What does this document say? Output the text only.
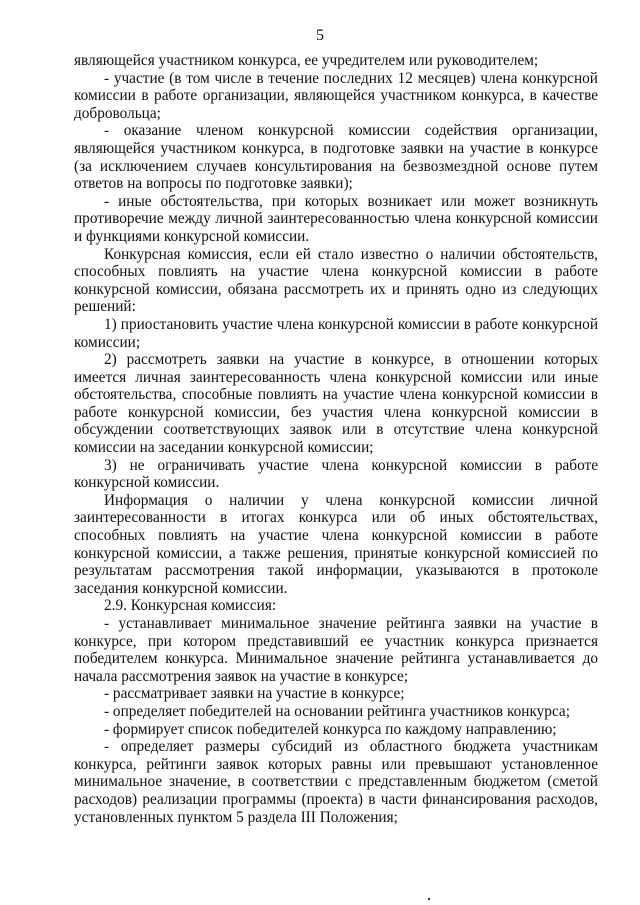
5

являющейся участником конкурса, ее учредителем или руководителем;

- участие (в том числе в течение последних 12 месяцев) члена конкурсной комиссии в работе организации, являющейся участником конкурса, в качестве добровольца;

- оказание членом конкурсной комиссии содействия организации, являющейся участником конкурса, в подготовке заявки на участие в конкурсе (за исключением случаев консультирования на безвозмездной основе путем ответов на вопросы по подготовке заявки);

- иные обстоятельства, при которых возникает или может возникнуть противоречие между личной заинтересованностью члена конкурсной комиссии и функциями конкурсной комиссии.

Конкурсная комиссия, если ей стало известно о наличии обстоятельств, способных повлиять на участие члена конкурсной комиссии в работе конкурсной комиссии, обязана рассмотреть их и принять одно из следующих решений:

1) приостановить участие члена конкурсной комиссии в работе конкурсной комиссии;

2) рассмотреть заявки на участие в конкурсе, в отношении которых имеется личная заинтересованность члена конкурсной комиссии или иные обстоятельства, способные повлиять на участие члена конкурсной комиссии в работе конкурсной комиссии, без участия члена конкурсной комиссии в обсуждении соответствующих заявок или в отсутствие члена конкурсной комиссии на заседании конкурсной комиссии;

3) не ограничивать участие члена конкурсной комиссии в работе конкурсной комиссии.

Информация о наличии у члена конкурсной комиссии личной заинтересованности в итогах конкурса или об иных обстоятельствах, способных повлиять на участие члена конкурсной комиссии в работе конкурсной комиссии, а также решения, принятые конкурсной комиссией по результатам рассмотрения такой информации, указываются в протоколе заседания конкурсной комиссии.

2.9. Конкурсная комиссия:

- устанавливает минимальное значение рейтинга заявки на участие в конкурсе, при котором представивший ее участник конкурса признается победителем конкурса. Минимальное значение рейтинга устанавливается до начала рассмотрения заявок на участие в конкурсе;

- рассматривает заявки на участие в конкурсе;

- определяет победителей на основании рейтинга участников конкурса;

- формирует список победителей конкурса по каждому направлению;

- определяет размеры субсидий из областного бюджета участникам конкурса, рейтинги заявок которых равны или превышают установленное минимальное значение, в соответствии с представленным бюджетом (сметой расходов) реализации программы (проекта) в части финансирования расходов, установленных пунктом 5 раздела III Положения;
